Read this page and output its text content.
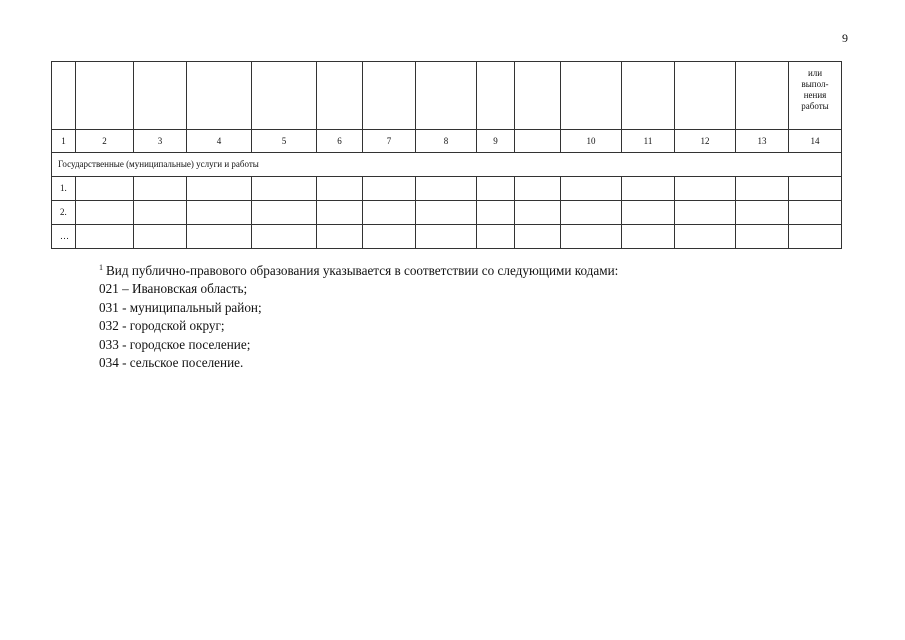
9

														или
выпол-
нения
работы

1	2	3	4	5	6	7	8	9		10	11	12	13	14
Государственные (муниципальные) услуги и работы														
1.														
2.														
…														
$^1$ Вид публично-правового образования указывается в соответствии со следующими кодами:
021 – Ивановская область;
031 - муниципальный район;
032 - городской округ;
033 - городское поселение;
034 - сельское поселение.
